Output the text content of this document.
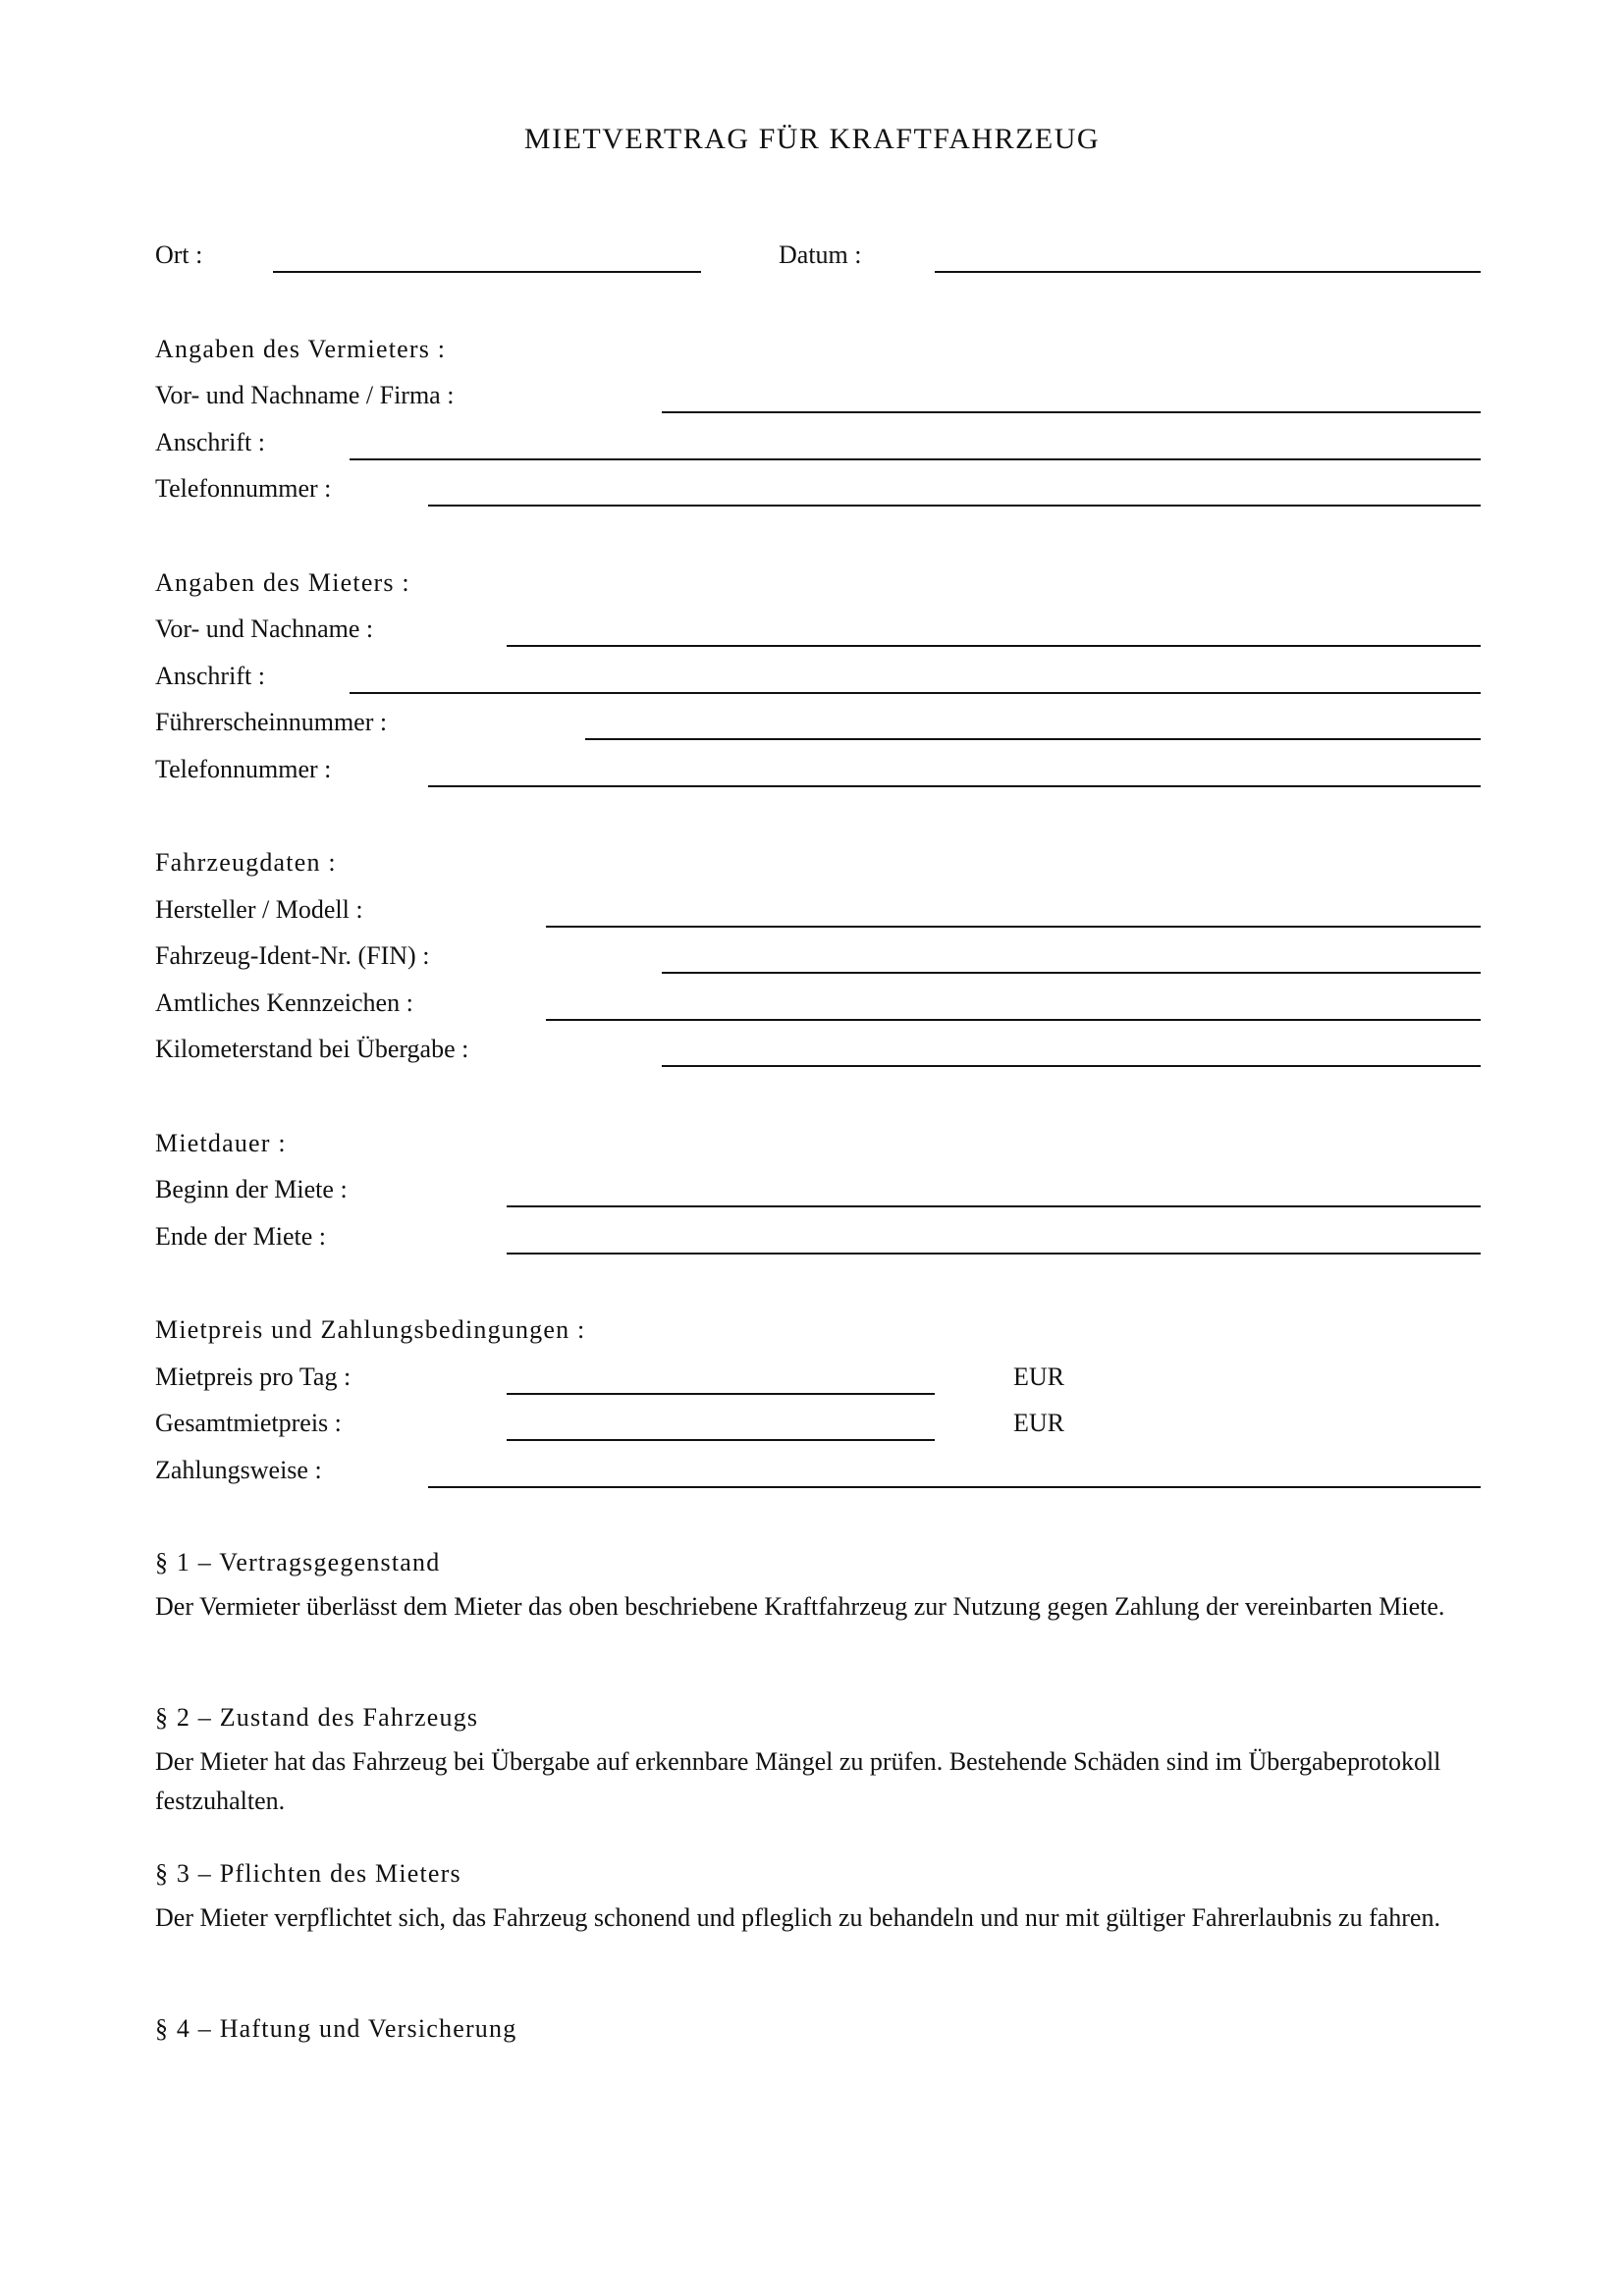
MIETVERTRAG FÜR KRAFTFAHRZEUG
Ort :	Datum :
Angaben des Vermieters :
Vor- und Nachname / Firma :
Anschrift :
Telefonnummer :
Angaben des Mieters :
Vor- und Nachname :
Anschrift :
Führerscheinnummer :
Telefonnummer :
Fahrzeugdaten :
Hersteller / Modell :
Fahrzeug-Ident-Nr. (FIN) :
Amtliches Kennzeichen :
Kilometerstand bei Übergabe :
Mietdauer :
Beginn der Miete :
Ende der Miete :
Mietpreis und Zahlungsbedingungen :
Mietpreis pro Tag :	EUR
Gesamtmietpreis :	EUR
Zahlungsweise :
§ 1 – Vertragsgegenstand
Der Vermieter überlässt dem Mieter das oben beschriebene Kraftfahrzeug zur Nutzung gegen Zahlung der vereinbarten Miete.
§ 2 – Zustand des Fahrzeugs
Der Mieter hat das Fahrzeug bei Übergabe auf erkennbare Mängel zu prüfen. Bestehende Schäden sind im Übergabeprotokoll festzuhalten.
§ 3 – Pflichten des Mieters
Der Mieter verpflichtet sich, das Fahrzeug schonend und pfleglich zu behandeln und nur mit gültiger Fahrerlaubnis zu fahren.
§ 4 – Haftung und Versicherung
